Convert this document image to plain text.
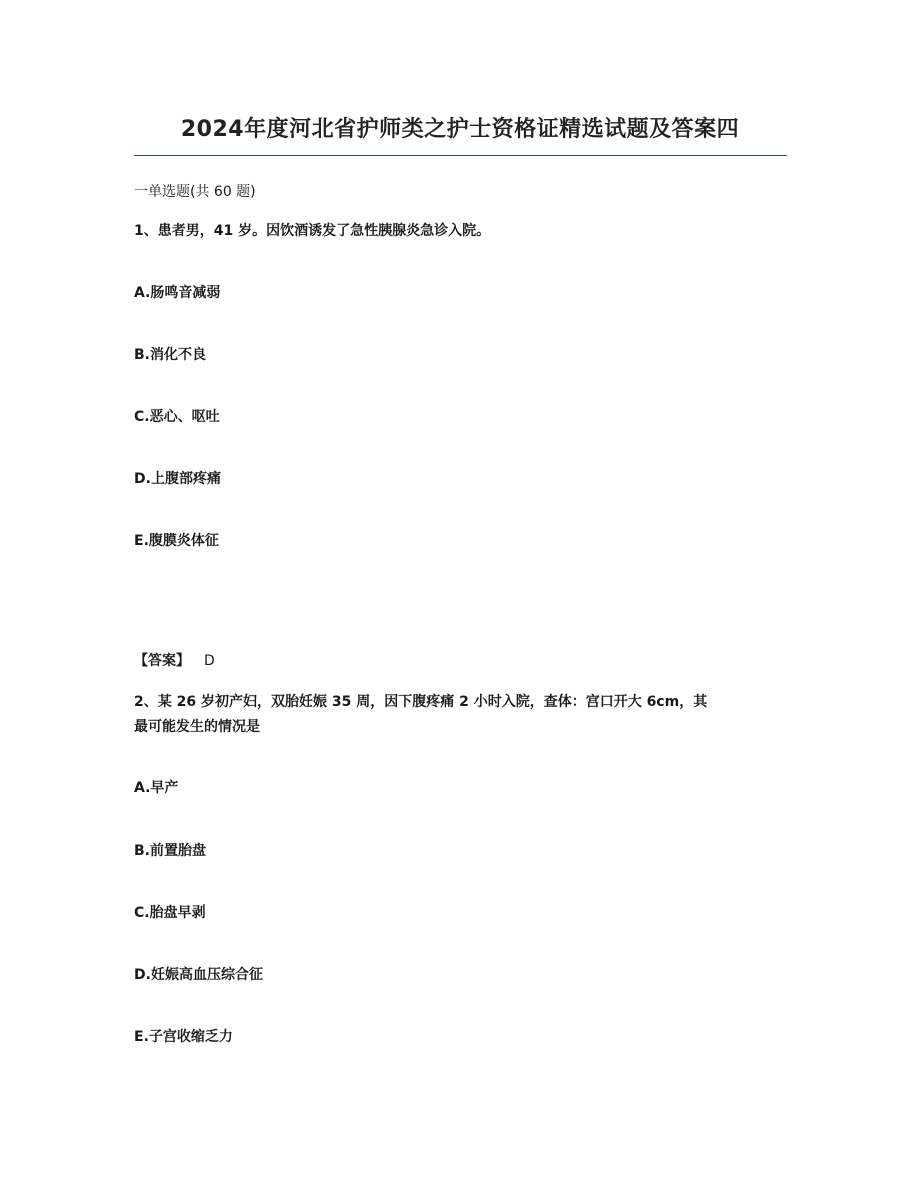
2024年度河北省护师类之护士资格证精选试题及答案四
一单选题(共 60 题)
1、患者男，41 岁。因饮酒诱发了急性胰腺炎急诊入院。
A.肠鸣音减弱
B.消化不良
C.恶心、呕吐
D.上腹部疼痛
E.腹膜炎体征
【答案】 D
2、某 26 岁初产妇，双胎妊娠 35 周，因下腹疼痛 2 小时入院，查体：宫口开大 6cm，其
最可能发生的情况是
A.早产
B.前置胎盘
C.胎盘早剥
D.妊娠高血压综合征
E.子宫收缩乏力
